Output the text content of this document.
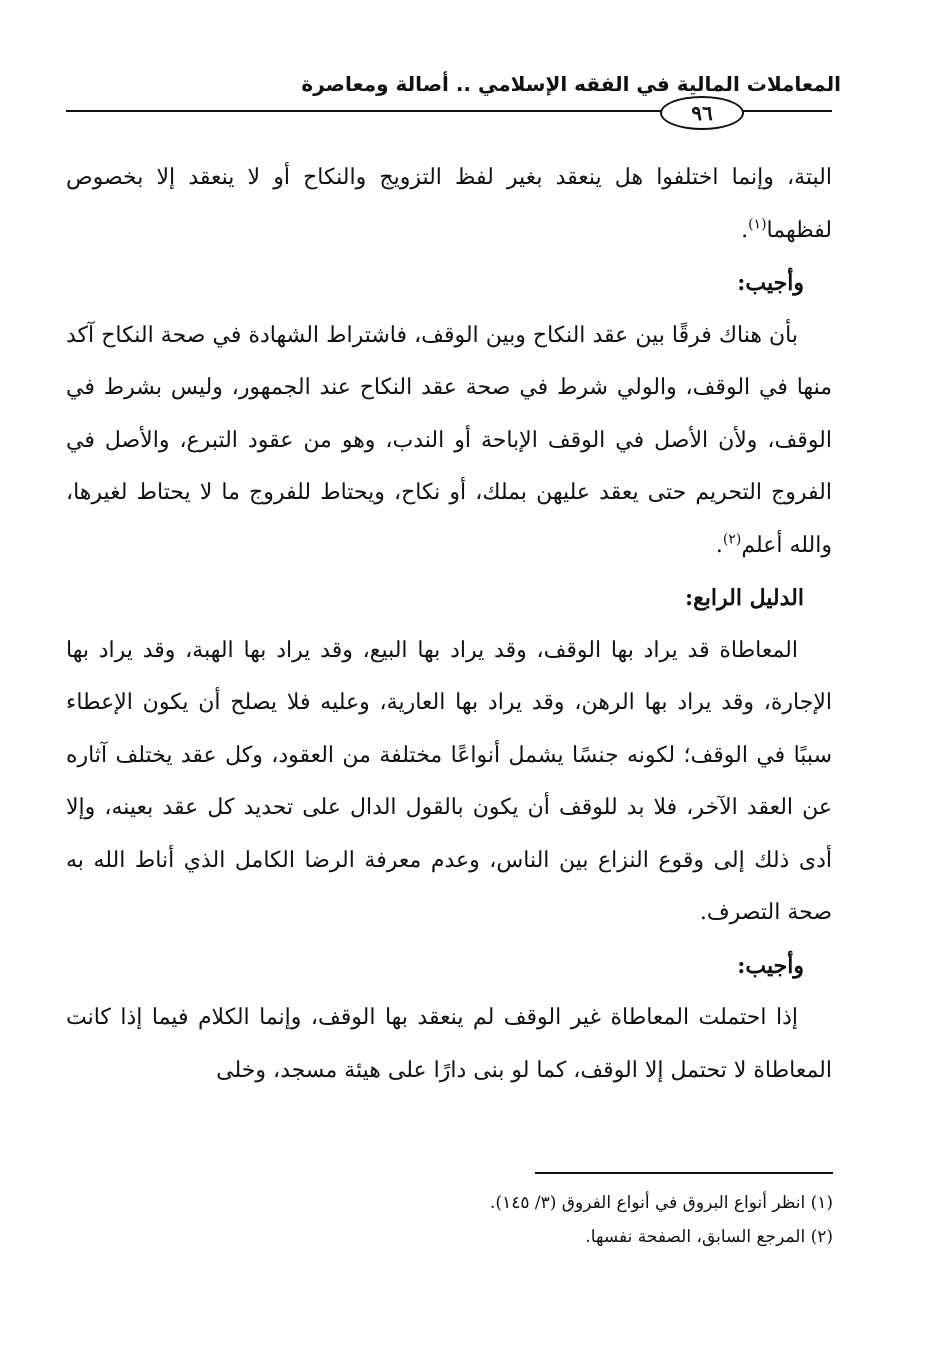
المعاملات المالية في الفقه الإسلامي .. أصالة ومعاصرة
٩٦

البتة، وإنما اختلفوا هل ينعقد بغير لفظ التزويج والنكاح أو لا ينعقد إلا بخصوص لفظهما$^{(١)}$.

وأجيب:

بأن هناك فرقًا بين عقد النكاح وبين الوقف، فاشتراط الشهادة في صحة النكاح آكد منها في الوقف، والولي شرط في صحة عقد النكاح عند الجمهور، وليس بشرط في الوقف، ولأن الأصل في الوقف الإباحة أو الندب، وهو من عقود التبرع، والأصل في الفروج التحريم حتى يعقد عليهن بملك، أو نكاح، ويحتاط للفروج ما لا يحتاط لغيرها، والله أعلم$^{(٢)}$.

الدليل الرابع:

المعاطاة قد يراد بها الوقف، وقد يراد بها البيع، وقد يراد بها الهبة، وقد يراد بها الإجارة، وقد يراد بها الرهن، وقد يراد بها العارية، وعليه فلا يصلح أن يكون الإعطاء سببًا في الوقف؛ لكونه جنسًا يشمل أنواعًا مختلفة من العقود، وكل عقد يختلف آثاره عن العقد الآخر، فلا بد للوقف أن يكون بالقول الدال على تحديد كل عقد بعينه، وإلا أدى ذلك إلى وقوع النزاع بين الناس، وعدم معرفة الرضا الكامل الذي أناط الله به صحة التصرف.

وأجيب:

إذا احتملت المعاطاة غير الوقف لم ينعقد بها الوقف، وإنما الكلام فيما إذا كانت المعاطاة لا تحتمل إلا الوقف، كما لو بنى دارًا على هيئة مسجد، وخلى

(١) انظر أنواع البروق في أنواع الفروق (٣/ ١٤٥).

(٢) المرجع السابق، الصفحة نفسها.
